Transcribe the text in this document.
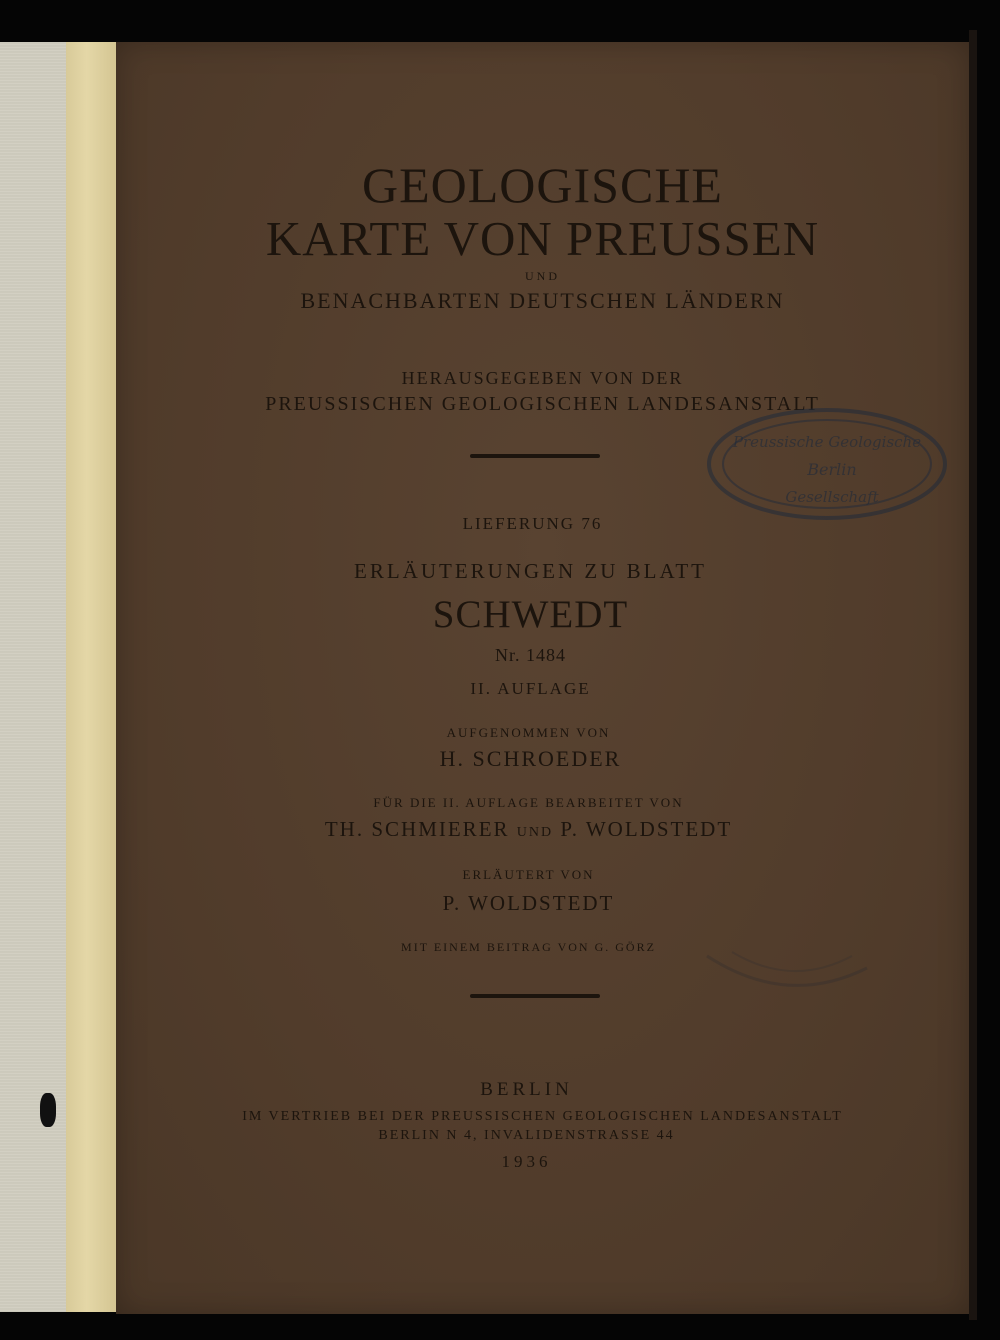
GEOLOGISCHE

KARTE VON PREUSSEN

UND

BENACHBARTEN DEUTSCHEN LÄNDERN

HERAUSGEGEBEN VON DER

PREUSSISCHEN GEOLOGISCHEN LANDESANSTALT

LIEFERUNG 76

ERLÄUTERUNGEN ZU BLATT

SCHWEDT

Nr. 1484

II. AUFLAGE

AUFGENOMMEN VON

H. SCHROEDER

FÜR DIE II. AUFLAGE BEARBEITET VON

TH. SCHMIERER UND P. WOLDSTEDT

ERLÄUTERT VON

P. WOLDSTEDT

MIT EINEM BEITRAG VON G. GÖRZ

BERLIN

IM VERTRIEB BEI DER PREUSSISCHEN GEOLOGISCHEN LANDESANSTALT

BERLIN N 4, INVALIDENSTRASSE 44

1936

Preussische Geologische
Berlin
Gesellschaft
